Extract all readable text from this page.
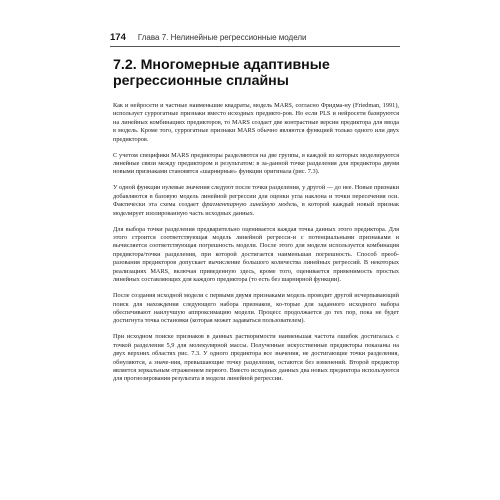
174 Глава 7. Нелинейные регрессионные модели
7.2. Многомерные адаптивные регрессионные сплайны

Как и нейросети и частные наименьшие квадраты, модель MARS, согласно Фридма-ну (Friedman, 1991), использует суррогатные признаки вместо исходных предикто-ров. Но если PLS и нейросети базируются на линейных комбинациях предикторов, то MARS создает две контрастные версии предиктора для ввода в модель. Кроме того, суррогатные признаки MARS обычно являются функцией только одного или двух предикторов.

С учетом специфики MARS предикторы разделяются на две группы, в каждой из которых моделируются линейные связи между предиктором и результатом: в за-данной точке разделения для предиктора двумя новыми признаками становятся «шарнирные» функции оригинала (рис. 7.3).

У одной функции нулевые значения следуют после точки разделения, у другой — до нее. Новые признаки добавляются в базовую модель линейной регрессии для оценки угла наклона и точки пересечения оси. Фактически эта схема создает фрагментарную линейную модель, в которой каждый новый признак моделирует изолированную часть исходных данных.

Для выбора точки разделения предварительно оценивается каждая точка данных этого предиктора. Для этого строится соответствующая модель линейной регресси-и с потенциальными признаками и вычисляется соответствующая погрешность модели. После этого для модели используется комбинация предиктора/точки разделения, при которой достигается наименьшая погрешность. Способ преоб-разования предикторов допускает вычисление большого количества линейных регрессий. В некоторых реализациях MARS, включая приведенную здесь, кроме того, оценивается применимость простых линейных составляющих для каждого предиктора (то есть без шарнирной функции).

После создания исходной модели с первыми двумя признаками модель проводит другой исчерпывающий поиск для нахождения следующего набора признаков, ко-торые для заданного исходного набора обеспечивают наилучшую аппроксимацию модели. Процесс продолжается до тех пор, пока не будет достигнута точка остановки (которая может задаваться пользователем).

При исходном поиске признаков в данных растворимости наименьшая частота ошибок достигалась с точкой разделения 5,9 для молекулярной массы. Полученные искусственные предикторы показаны на двух верхних областях рис. 7.3. У одного предиктора все значения, не достигающие точки разделения, обнуляются, а значе-ния, превышающие точку разделения, остаются без изменений. Второй предиктор является зеркальным отражением первого. Вместо исходных данных два новых предиктора используются для прогнозирования результата в модели линейной регрессии.
